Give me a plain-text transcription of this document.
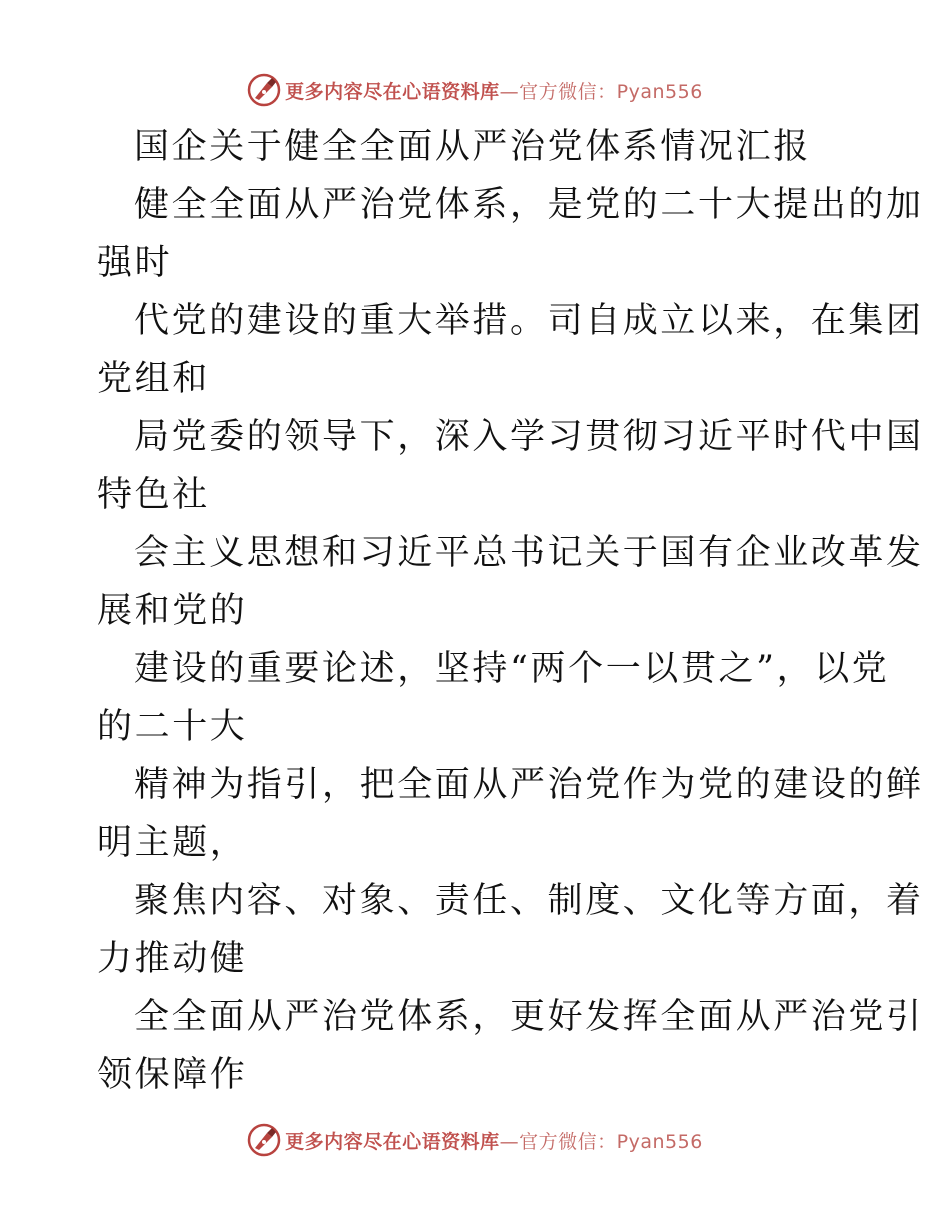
更多内容尽在心语资料库—官方微信：Pyan556
国企关于健全全面从严治党体系情况汇报
健全全面从严治党体系，是党的二十大提出的加
强时
代党的建设的重大举措。司自成立以来，在集团
党组和
局党委的领导下，深入学习贯彻习近平时代中国
特色社
会主义思想和习近平总书记关于国有企业改革发
展和党的
建设的重要论述，坚持“两个一以贯之”，以党
的二十大
精神为指引，把全面从严治党作为党的建设的鲜
明主题，
聚焦内容、对象、责任、制度、文化等方面，着
力推动健
全全面从严治党体系，更好发挥全面从严治党引
领保障作
更多内容尽在心语资料库—官方微信：Pyan556
